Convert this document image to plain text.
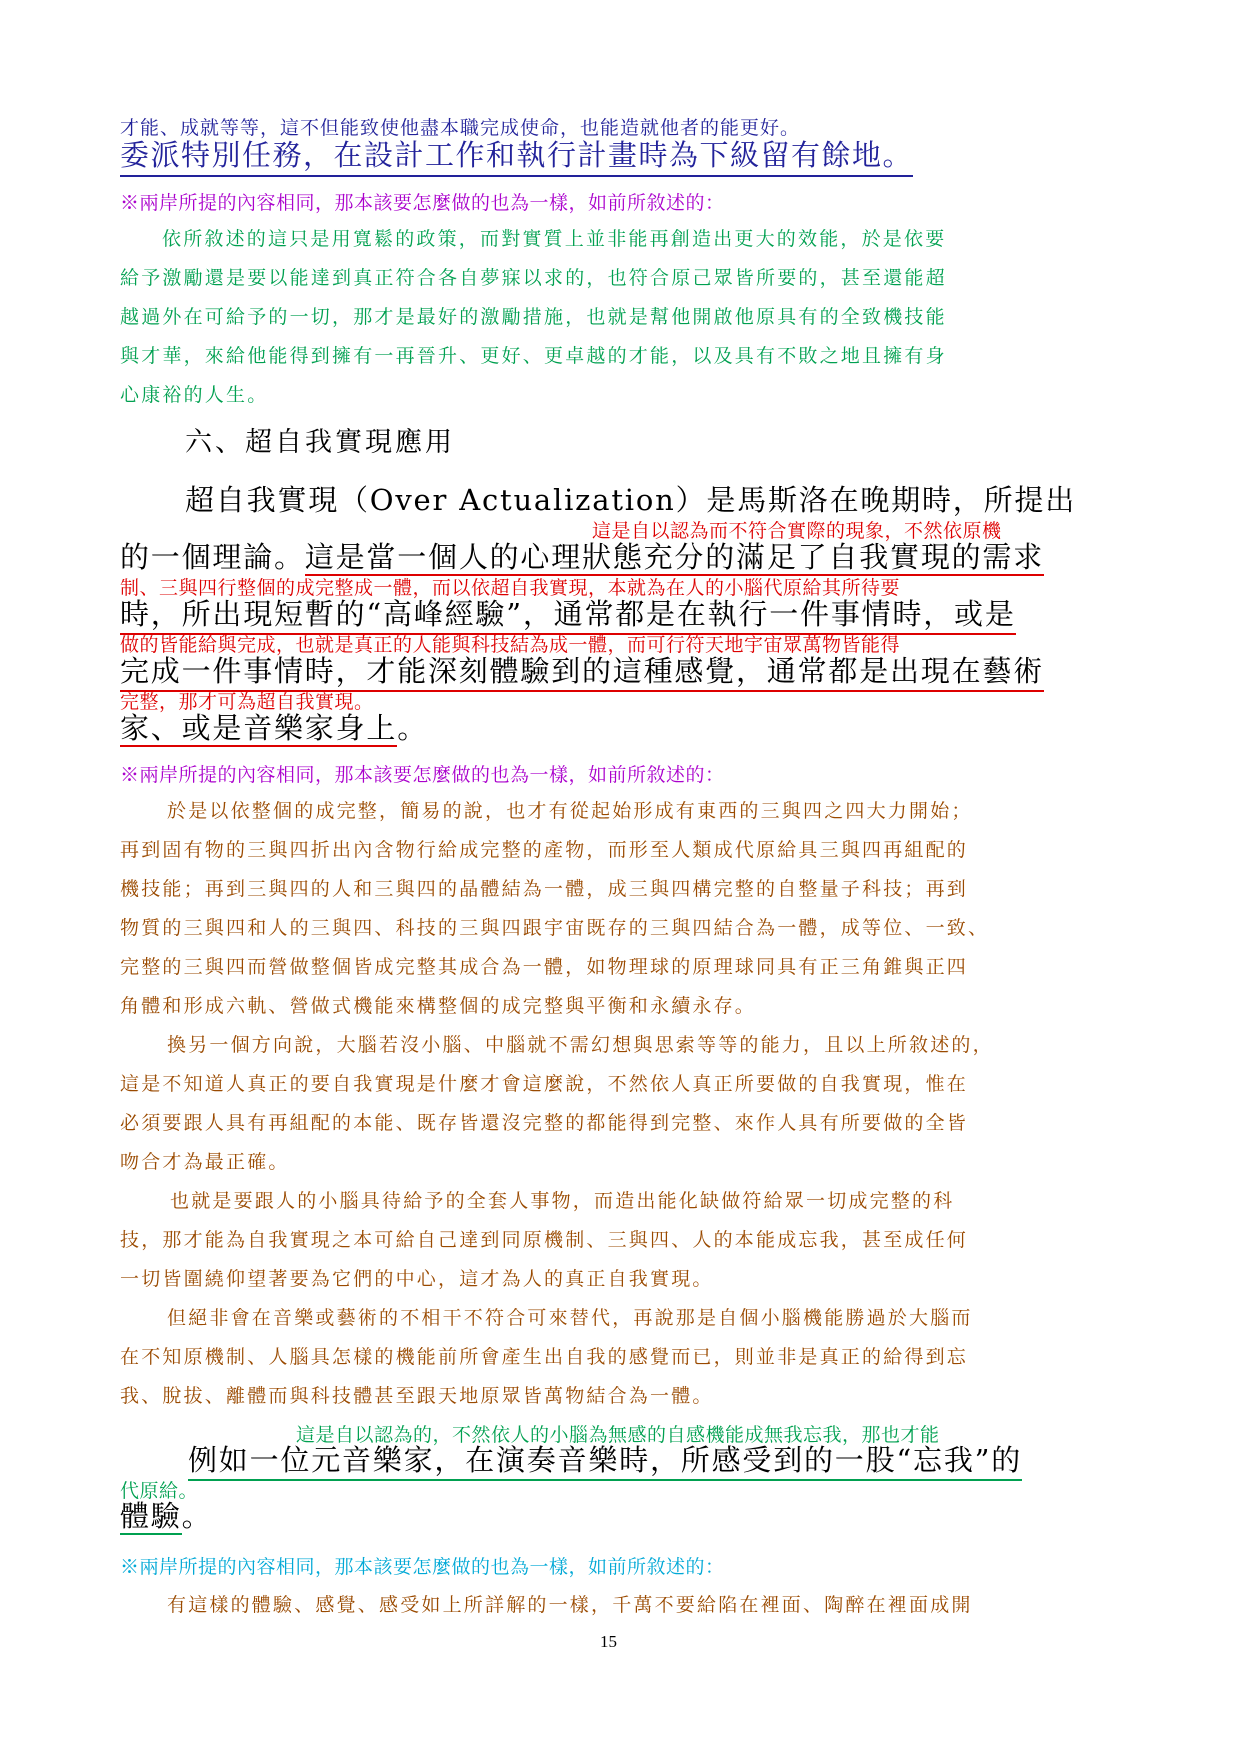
才能、成就等等，這不但能致使他盡本職完成使命，也能造就他者的能更好。
委派特別任務，在設計工作和執行計畫時為下級留有餘地。
※兩岸所提的內容相同，那本該要怎麼做的也為一樣，如前所敘述的：
依所敘述的這只是用寬鬆的政策，而對實質上並非能再創造出更大的效能，於是依要
給予激勵還是要以能達到真正符合各自夢寐以求的，也符合原己眾皆所要的，甚至還能超
越過外在可給予的一切，那才是最好的激勵措施，也就是幫他開啟他原具有的全致機技能
與才華，來給他能得到擁有一再晉升、更好、更卓越的才能，以及具有不敗之地且擁有身
心康裕的人生。
六、超自我實現應用
超自我實現（Over Actualization）是馬斯洛在晚期時，所提出
這是自以認為而不符合實際的現象，不然依原機
的一個理論。這是當一個人的心理狀態充分的滿足了自我實現的需求
制、三與四行整個的成完整成一體，而以依超自我實現，本就為在人的小腦代原給其所待要
時，所出現短暫的“高峰經驗”，通常都是在執行一件事情時，或是
做的皆能給與完成，也就是真正的人能與科技結為成一體，而可行符天地宇宙眾萬物皆能得
完成一件事情時，才能深刻體驗到的這種感覺，通常都是出現在藝術
完整，那才可為超自我實現。
家、或是音樂家身上。
※兩岸所提的內容相同，那本該要怎麼做的也為一樣，如前所敘述的：
於是以依整個的成完整，簡易的說，也才有從起始形成有東西的三與四之四大力開始；
再到固有物的三與四折出內含物行給成完整的產物，而形至人類成代原給具三與四再組配的
機技能；再到三與四的人和三與四的晶體結為一體，成三與四構完整的自整量子科技；再到
物質的三與四和人的三與四、科技的三與四跟宇宙既存的三與四結合為一體，成等位、一致、
完整的三與四而營做整個皆成完整其成合為一體，如物理球的原理球同具有正三角錐與正四
角體和形成六軌、營做式機能來構整個的成完整與平衡和永續永存。
換另一個方向說，大腦若沒小腦、中腦就不需幻想與思索等等的能力，且以上所敘述的，
這是不知道人真正的要自我實現是什麼才會這麼說，不然依人真正所要做的自我實現，惟在
必須要跟人具有再組配的本能、既存皆還沒完整的都能得到完整、來作人具有所要做的全皆
吻合才為最正確。
也就是要跟人的小腦具待給予的全套人事物，而造出能化缺做符給眾一切成完整的科
技，那才能為自我實現之本可給自己達到同原機制、三與四、人的本能成忘我，甚至成任何
一切皆圍繞仰望著要為它們的中心，這才為人的真正自我實現。
但絕非會在音樂或藝術的不相干不符合可來替代，再說那是自個小腦機能勝過於大腦而
在不知原機制、人腦具怎樣的機能前所會產生出自我的感覺而已，則並非是真正的給得到忘
我、脫拔、離體而與科技體甚至跟天地原眾皆萬物結合為一體。
這是自以認為的，不然依人的小腦為無感的自感機能成無我忘我，那也才能
例如一位元音樂家，在演奏音樂時，所感受到的一股“忘我”的
代原給。
體驗。
※兩岸所提的內容相同，那本該要怎麼做的也為一樣，如前所敘述的：
有這樣的體驗、感覺、感受如上所詳解的一樣，千萬不要給陷在裡面、陶醉在裡面成開
15
